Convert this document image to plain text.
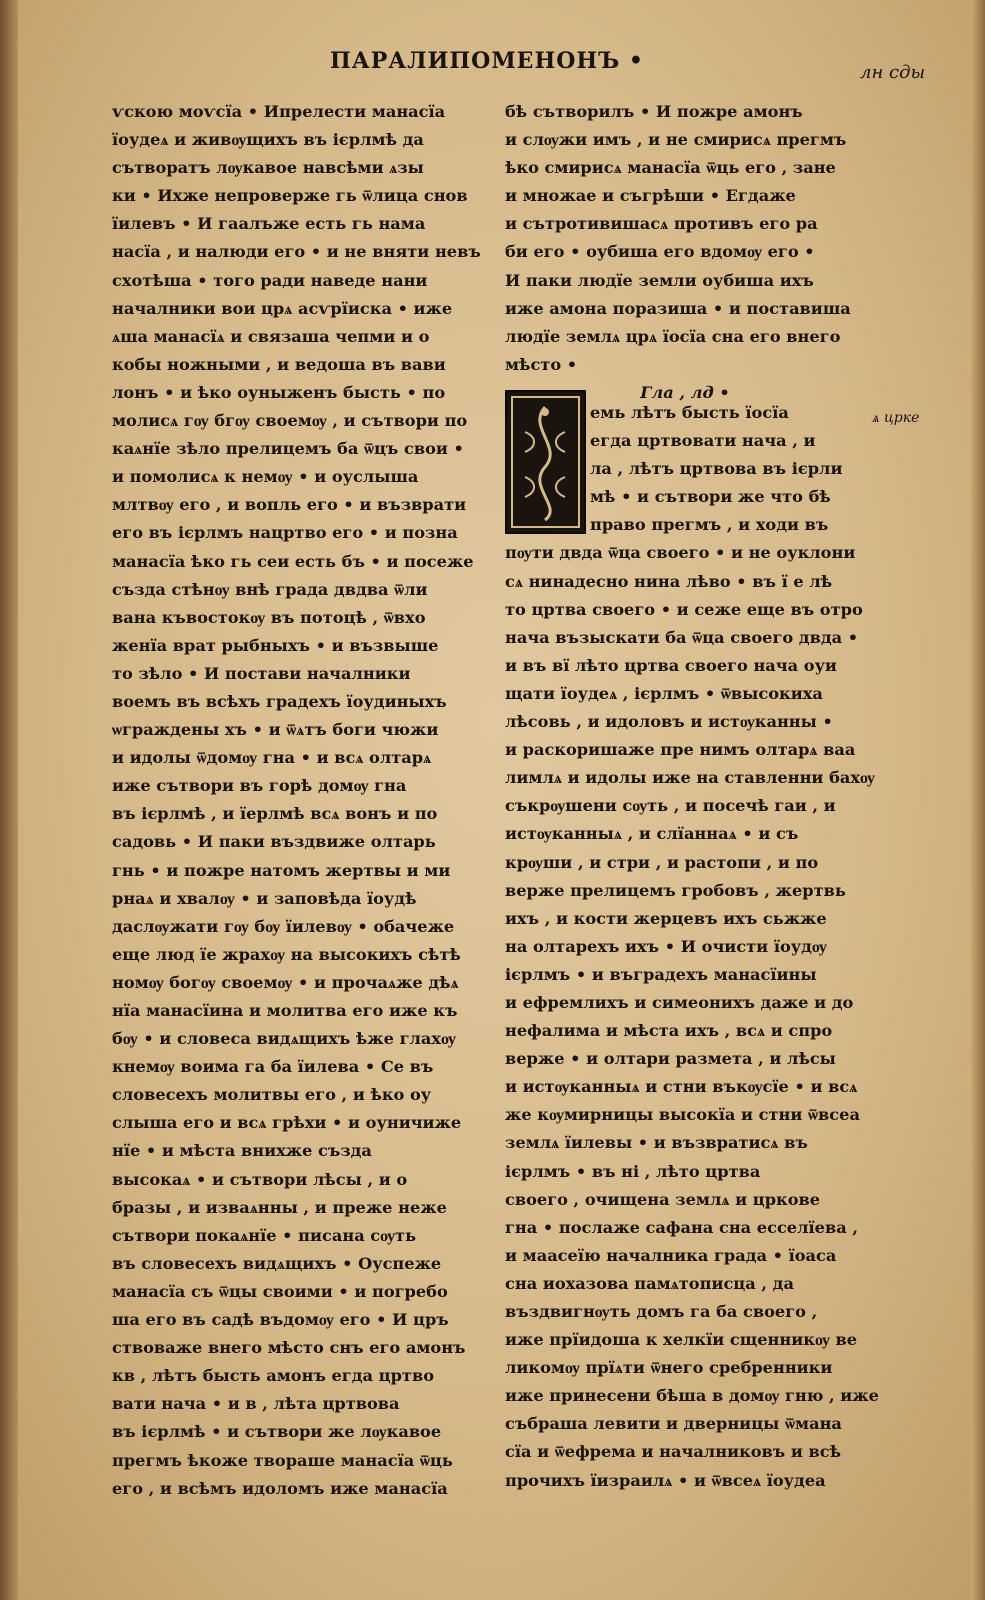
ПАРАЛИПОМЕНОНЪ •	лн сды
ѵскою моѵсїа • Ипрелести манасїа
їоудеѧ и живѹщихъ въ ієрлмѣ да
сътворатъ лѹкавое навсѣми ѧзы
ки • Ихже непроверже гь ѿлица снов
їилевъ • И гаалъже есть гь нама
насїа , и налюди его • и не вняти невъ
схотѣша • того ради наведе нани
началники вои црѧ асѵрїиска • иже
ѧша манасїѧ и связаша чепми и о
кобы ножными , и ведоша въ вави
лонъ • и ѣко оуныженъ бысть • по
молисѧ гѹ бгѹ своемѹ , и сътвори по
каѧнїе зѣло прелицемъ ба ѿцъ свои •
и помолисѧ к немѹ • и оуслыша
млтвѹ его , и вопль его • и възврати
его въ ієрлмъ нацртво его • и позна
манасїа ѣко гь сеи есть бъ • и посеже
създа стѣнѹ внѣ града двдва ѿли
вана къвостокѹ въ потоцѣ , ѿвхо
женїа врат рыбныхъ • и възвыше
то зѣло • И постави началники
воемъ въ всѣхъ градехъ їоудиныхъ
ѡграждены хъ • и ѿѧтъ боги чюжи
и идолы ѿдомѹ гна • и всѧ олтарѧ
иже сътвори въ горѣ домѹ гна
въ ієрлмѣ , и їерлмѣ всѧ вонъ и по
садовь • И паки въздвиже олтарь
гнь • и пожре натомъ жертвы и ми
рнаѧ и хвалѹ • и заповѣда їоудѣ
даслѹжати гѹ бѹ їилевѹ • обачеже
еще люд їе жрахѹ на высокихъ сѣтѣ
номѹ богѹ своемѹ • и прочаѧже дѣѧ
нїа манасїина и молитва его иже къ
бѹ • и словеса видѧщихъ ѣже глахѹ
кнемѹ воима га ба їилева • Се въ
словесехъ молитвы его , и ѣко оу
слыша его и всѧ грѣхи • и оуничиже
нїе • и мѣста внихже създа
высокаѧ • и сътвори лѣсы , и о
бразы , и изваѧнны , и преже неже
сътвори покаѧнїе • писана сѹть
въ словесехъ видѧщихъ • Оуспеже
манасїа съ ѿцы своими • и погребо
ша его въ садѣ въдомѹ его • И цръ
ствоваже внего мѣсто снъ его амонъ
кв , лѣтъ бысть амонъ егда цртво
вати нача • и в , лѣта цртвова
въ ієрлмѣ • и сътвори же лѹкавое
прегмъ ѣкоже твораше манасїа ѿць
его , и всѣмъ идоломъ иже манасїа
бѣ сътворилъ • И пожре амонъ
и слѹжи имъ , и не смирисѧ прегмъ
ѣко смирисѧ манасїа ѿць его , зане
и множае и съгрѣши • Егдаже
и сътротивишасѧ противъ его ра
би его • оубиша его вдомѹ его •
И паки людїе земли оубиша ихъ
иже амона поразиша • и поставиша
людїе землѧ црѧ їосїа сна его внего
мѣсто •
Гла , лд •
емь лѣтъ бысть їосїа
егда цртвовати нача , и
ла , лѣтъ цртвова въ ієрли
мѣ • и сътвори же что бѣ
право прегмъ , и ходи въ
пѹти двда ѿца своего • и не оуклони
сѧ нинадесно нина лѣво • въ ї е лѣ
то цртва своего • и сеже еще въ отро
нача възыскати ба ѿца своего двда •
и въ вї лѣто цртва своего нача оуи
щати їоудеѧ , ієрлмъ • ѿвысокиха
лѣсовь , и идоловъ и истѹканны •
и раскоришаже пре нимъ олтарѧ ваа
лимлѧ и идолы иже на ставленни бахѹ
съкрѹшени сѹть , и посечѣ гаи , и
истѹканныѧ , и слїаннаѧ • и съ
крѹши , и стри , и растопи , и по
верже прелицемъ гробовъ , жертвь
ихъ , и кости жерцевъ ихъ сьжже
на олтарехъ ихъ • И очисти їоудѹ
ієрлмъ • и въградехъ манасїины
и ефремлихъ и симеонихъ даже и до
нефалима и мѣста ихъ , всѧ и спро
верже • и олтари размета , и лѣсы
и истѹканныѧ и стни въкѹсїе • и всѧ
же кѹмирницы высокїа и стни ѿвсеа
землѧ їилевы • и възвратисѧ въ
ієрлмъ • въ ні , лѣто цртва
своего , очищена землѧ и цркове
гна • послаже сафана сна есселїева ,
и маасеїю началника града • їоаса
сна иохазова памѧтописца , да
въздвигнѹть домъ га ба своего ,
иже прїидоша к хелкїи сщенникѹ ве
ликомѹ прїѧти ѿнего сребренники
иже принесени бѣша в домѹ гню , иже
събраша левити и дверницы ѿмана
сїа и ѿефрема и началниковъ и всѣ
прочихъ їизраилѧ • и ѿвсеѧ їоудеа
ѧ црке
